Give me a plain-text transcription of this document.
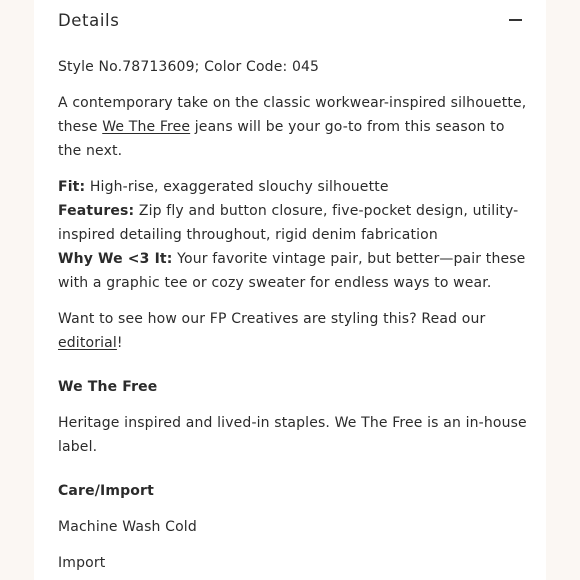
Details

Style No.78713609; Color Code: 045

A contemporary take on the classic workwear-inspired silhouette, these We The Free jeans will be your go-to from this season to the next.

Fit: High-rise, exaggerated slouchy silhouette

Features: Zip fly and button closure, five-pocket design, utility-inspired detailing throughout, rigid denim fabrication

Why We <3 It: Your favorite vintage pair, but better—pair these with a graphic tee or cozy sweater for endless ways to wear.

Want to see how our FP Creatives are styling this? Read our editorial!

We The Free

Heritage inspired and lived-in staples. We The Free is an in-house label.

Care/Import

Machine Wash Cold

Import
